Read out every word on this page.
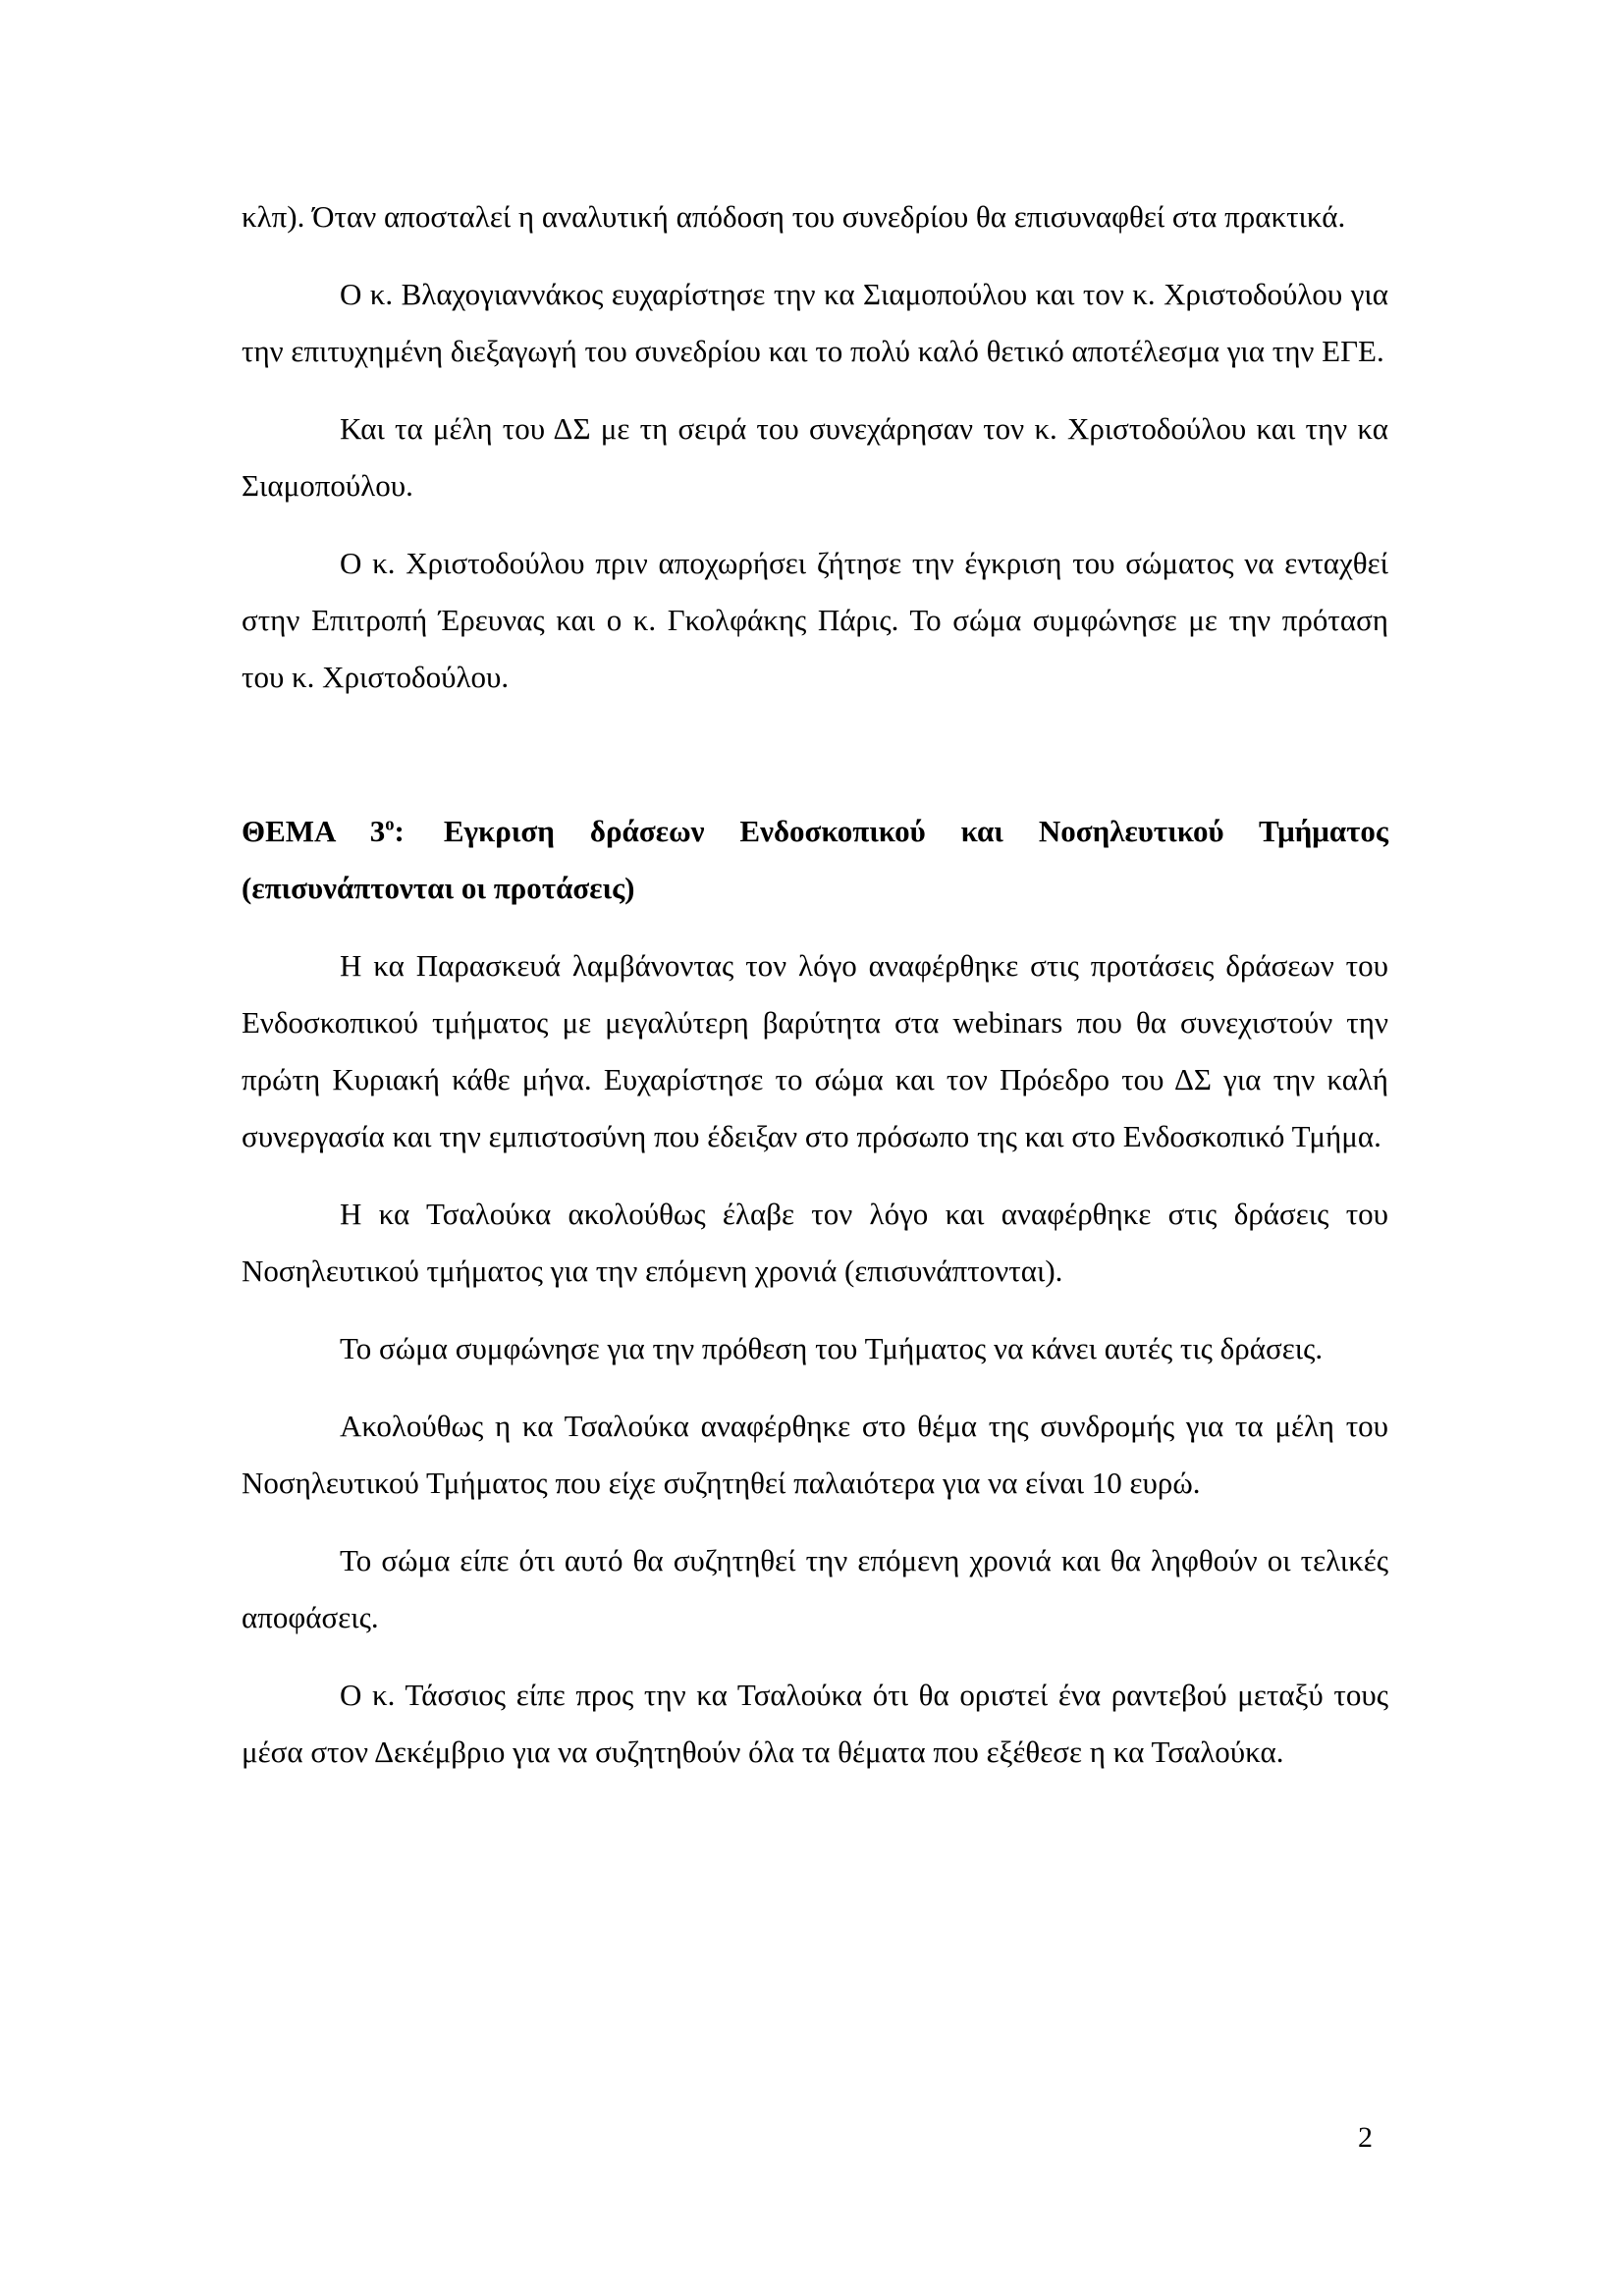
κλπ). Όταν αποσταλεί η αναλυτική απόδοση του συνεδρίου θα επισυναφθεί στα πρακτικά.

Ο κ. Βλαχογιαννάκος ευχαρίστησε την κα Σιαμοπούλου και τον κ. Χριστοδούλου για την επιτυχημένη διεξαγωγή του συνεδρίου και το πολύ καλό θετικό αποτέλεσμα για την ΕΓΕ.

Και τα μέλη του ΔΣ με τη σειρά του συνεχάρησαν τον κ. Χριστοδούλου και την κα Σιαμοπούλου.

Ο κ. Χριστοδούλου πριν αποχωρήσει ζήτησε την έγκριση του σώματος να ενταχθεί στην Επιτροπή Έρευνας και ο κ. Γκολφάκης Πάρις. Το σώμα συμφώνησε με την πρόταση του κ. Χριστοδούλου.

ΘΕΜΑ $3^o$: Εγκριση δράσεων Ενδοσκοπικού και Νοσηλευτικού Τμήματος (επισυνάπτονται οι προτάσεις)

Η κα Παρασκευά λαμβάνοντας τον λόγο αναφέρθηκε στις προτάσεις δράσεων του Ενδοσκοπικού τμήματος με μεγαλύτερη βαρύτητα στα webinars που θα συνεχιστούν την πρώτη Κυριακή κάθε μήνα. Ευχαρίστησε το σώμα και τον Πρόεδρο του ΔΣ για την καλή συνεργασία και την εμπιστοσύνη που έδειξαν στο πρόσωπο της και στο Ενδοσκοπικό Τμήμα.

Η κα Τσαλούκα ακολούθως έλαβε τον λόγο και αναφέρθηκε στις δράσεις του Νοσηλευτικού τμήματος για την επόμενη χρονιά (επισυνάπτονται).

Το σώμα συμφώνησε για την πρόθεση του Τμήματος να κάνει αυτές τις δράσεις.

Ακολούθως η κα Τσαλούκα αναφέρθηκε στο θέμα της συνδρομής για τα μέλη του Νοσηλευτικού Τμήματος που είχε συζητηθεί παλαιότερα για να είναι 10 ευρώ.

Το σώμα είπε ότι αυτό θα συζητηθεί την επόμενη χρονιά και θα ληφθούν οι τελικές αποφάσεις.

Ο κ. Τάσσιος είπε προς την κα Τσαλούκα ότι θα οριστεί ένα ραντεβού μεταξύ τους μέσα στον Δεκέμβριο για να συζητηθούν όλα τα θέματα που εξέθεσε η κα Τσαλούκα.

2
